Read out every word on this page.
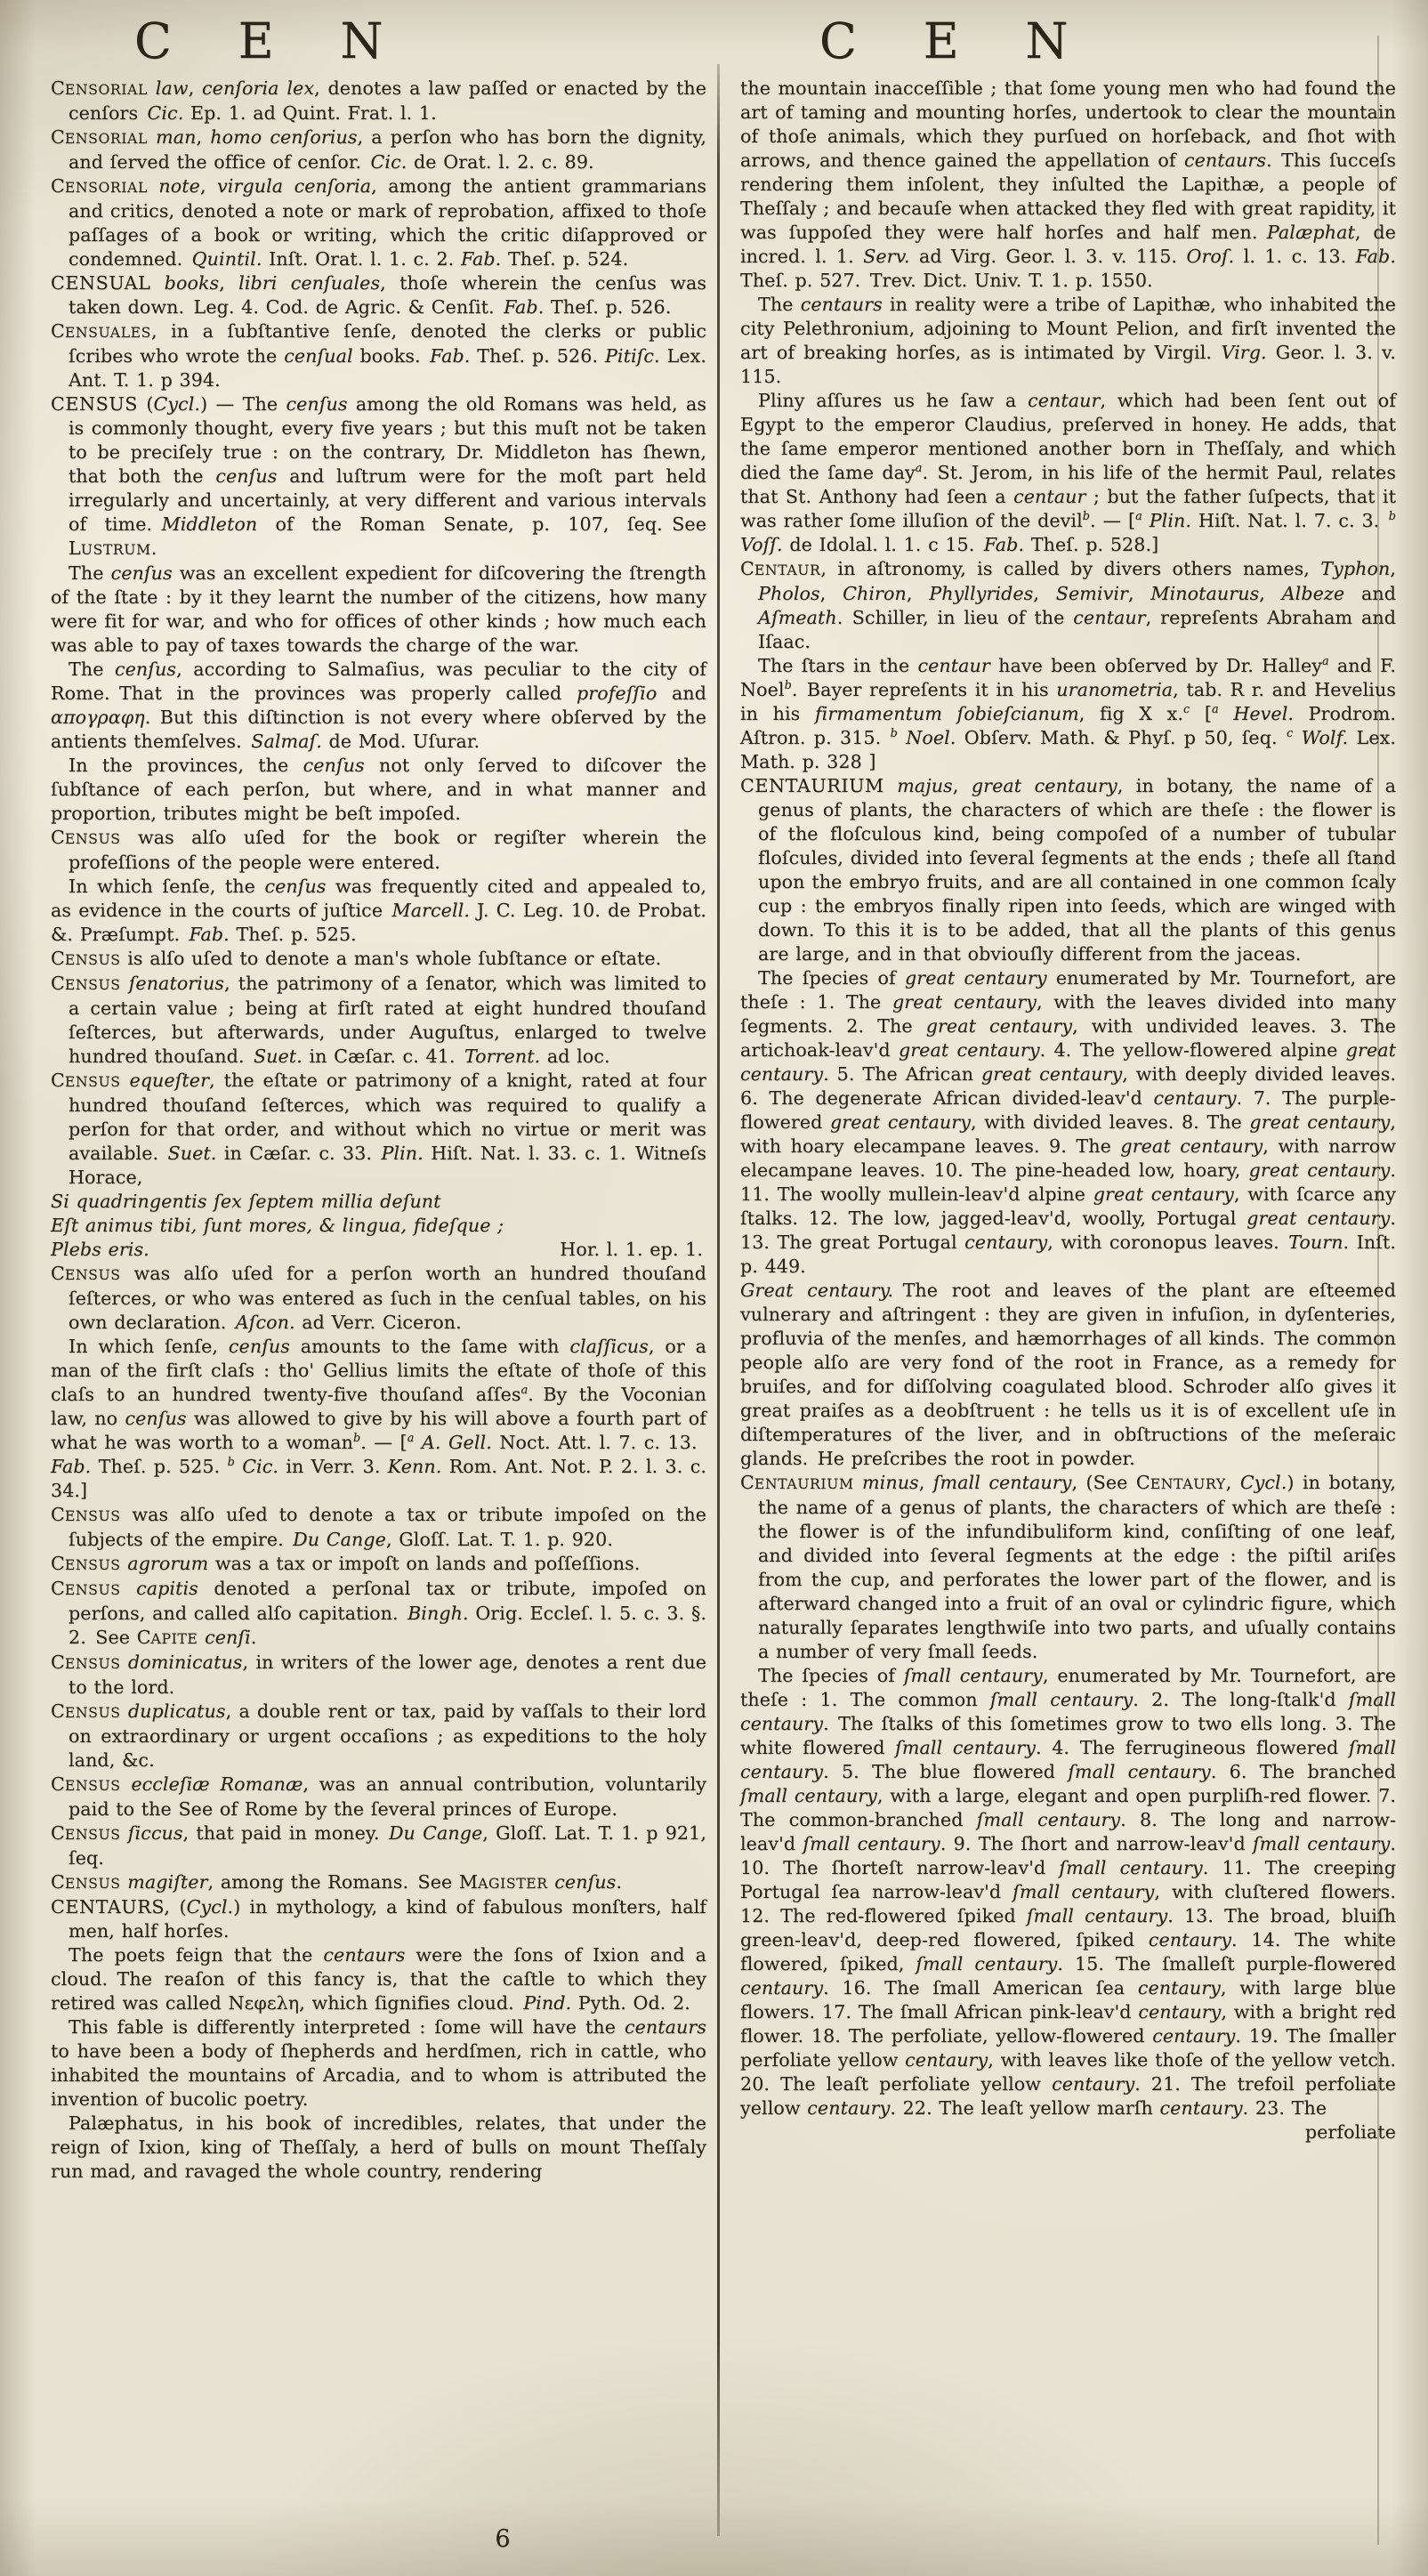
C E N	C E N

CENSORIAL law, cenſoria lex, denotes a law paſſed or enacted by the cenſors Cic. Ep. 1. ad Quint. Frat. l. 1.

CENSORIAL man, homo cenſorius, a perſon who has born the dignity, and ſerved the office of cenſor. Cic. de Orat. l. 2. c. 89.

CENSORIAL note, virgula cenſoria, among the antient grammarians and critics, denoted a note or mark of reprobation, affixed to thoſe paſſages of a book or writing, which the critic diſapproved or condemned. Quintil. Inſt. Orat. l. 1. c. 2. Fab. Theſ. p. 524.

CENSUAL books, libri cenſuales, thoſe wherein the cenſus was taken down. Leg. 4. Cod. de Agric. & Cenſit. Fab. Theſ. p. 526.

CENSUALES, in a ſubſtantive ſenſe, denoted the clerks or public ſcribes who wrote the cenſual books. Fab. Theſ. p. 526. Pitiſc. Lex. Ant. T. 1. p 394.

CENSUS (Cycl.) — The cenſus among the old Romans was held, as is commonly thought, every five years ; but this muſt not be taken to be preciſely true : on the contrary, Dr. Middleton has ſhewn, that both the cenſus and luſtrum were for the moſt part held irregularly and uncertainly, at very different and various intervals of time. Middleton of the Roman Senate, p. 107, ſeq. See LUSTRUM.

The cenſus was an excellent expedient for diſcovering the ſtrength of the ſtate : by it they learnt the number of the citizens, how many were fit for war, and who for offices of other kinds ; how much each was able to pay of taxes towards the charge of the war.

The cenſus, according to Salmaſius, was peculiar to the city of Rome. That in the provinces was properly called profeſſio and απογραφη. But this diſtinction is not every where obſerved by the antients themſelves. Salmaſ. de Mod. Uſurar.

In the provinces, the cenſus not only ſerved to diſcover the ſubſtance of each perſon, but where, and in what manner and proportion, tributes might be beſt impoſed.

CENSUS was alſo uſed for the book or regiſter wherein the profeſſions of the people were entered.

In which ſenſe, the cenſus was frequently cited and appealed to, as evidence in the courts of juſtice Marcell. J. C. Leg. 10. de Probat. &. Præſumpt. Fab. Theſ. p. 525.

CENSUS is alſo uſed to denote a man's whole ſubſtance or eſtate.

CENSUS ſenatorius, the patrimony of a ſenator, which was limited to a certain value ; being at firſt rated at eight hundred thouſand ſeſterces, but afterwards, under Auguſtus, enlarged to twelve hundred thouſand. Suet. in Cæſar. c. 41. Torrent. ad loc.

CENSUS equeſter, the eſtate or patrimony of a knight, rated at four hundred thouſand ſeſterces, which was required to qualify a perſon for that order, and without which no virtue or merit was available. Suet. in Cæſar. c. 33. Plin. Hiſt. Nat. l. 33. c. 1. Witneſs Horace,

Si quadringentis ſex ſeptem millia deſunt

Eſt animus tibi, ſunt mores, & lingua, fideſque ;

Hor. l. 1. ep. 1.
Plebs eris.

CENSUS was alſo uſed for a perſon worth an hundred thouſand ſeſterces, or who was entered as ſuch in the cenſual tables, on his own declaration. Aſcon. ad Verr. Ciceron.

In which ſenſe, cenſus amounts to the ſame with claſſicus, or a man of the firſt claſs : tho' Gellius limits the eſtate of thoſe of this claſs to an hundred twenty-five thouſand aſſes$^a$. By the Voconian law, no cenſus was allowed to give by his will above a fourth part of what he was worth to a woman$^b$. — [$^a$ A. Gell. Noct. Att. l. 7. c. 13. Fab. Theſ. p. 525. $^b$ Cic. in Verr. 3. Kenn. Rom. Ant. Not. P. 2. l. 3. c. 34.]

CENSUS was alſo uſed to denote a tax or tribute impoſed on the ſubjects of the empire. Du Cange, Gloſſ. Lat. T. 1. p. 920.

CENSUS agrorum was a tax or impoſt on lands and poſſeſſions.

CENSUS capitis denoted a perſonal tax or tribute, impoſed on perſons, and called alſo capitation. Bingh. Orig. Eccleſ. l. 5. c. 3. §. 2. See CAPITE cenſi.

CENSUS dominicatus, in writers of the lower age, denotes a rent due to the lord.

CENSUS duplicatus, a double rent or tax, paid by vaſſals to their lord on extraordinary or urgent occaſions ; as expeditions to the holy land, &c.

CENSUS eccleſiæ Romanæ, was an annual contribution, voluntarily paid to the See of Rome by the ſeveral princes of Europe.

CENSUS ſiccus, that paid in money. Du Cange, Gloſſ. Lat. T. 1. p 921, ſeq.

CENSUS magiſter, among the Romans. See MAGISTER cenſus.

CENTAURS, (Cycl.) in mythology, a kind of fabulous monſters, half men, half horſes.

The poets feign that the centaurs were the ſons of Ixion and a cloud. The reaſon of this fancy is, that the caſtle to which they retired was called Νεφελη, which ſignifies cloud. Pind. Pyth. Od. 2.

This fable is differently interpreted : ſome will have the centaurs to have been a body of ſhepherds and herdſmen, rich in cattle, who inhabited the mountains of Arcadia, and to whom is attributed the invention of bucolic poetry.

Palæphatus, in his book of incredibles, relates, that under the reign of Ixion, king of Theſſaly, a herd of bulls on mount Theſſaly run mad, and ravaged the whole country, rendering

the mountain inacceſſible ; that ſome young men who had found the art of taming and mounting horſes, undertook to clear the mountain of thoſe animals, which they purſued on horſeback, and ſhot with arrows, and thence gained the appellation of centaurs. This ſucceſs rendering them inſolent, they inſulted the Lapithæ, a people of Theſſaly ; and becauſe when attacked they fled with great rapidity, it was ſuppoſed they were half horſes and half men. Palæphat, de incred. l. 1. Serv. ad Virg. Geor. l. 3. v. 115. Oroſ. l. 1. c. 13. Fab. Theſ. p. 527. Trev. Dict. Univ. T. 1. p. 1550.

The centaurs in reality were a tribe of Lapithæ, who inhabited the city Pelethronium, adjoining to Mount Pelion, and firſt invented the art of breaking horſes, as is intimated by Virgil. Virg. Geor. l. 3. v. 115.

Pliny aſſures us he ſaw a centaur, which had been ſent out of Egypt to the emperor Claudius, preſerved in honey. He adds, that the ſame emperor mentioned another born in Theſſaly, and which died the ſame day$^a$. St. Jerom, in his life of the hermit Paul, relates that St. Anthony had ſeen a centaur ; but the father ſuſpects, that it was rather ſome illuſion of the devil$^b$. — [$^a$ Plin. Hiſt. Nat. l. 7. c. 3. $^b$ Voſſ. de Idolal. l. 1. c 15. Fab. Theſ. p. 528.]

CENTAUR, in aſtronomy, is called by divers others names, Typhon, Pholos, Chiron, Phyllyrides, Semivir, Minotaurus, Albeze and Aſmeath. Schiller, in lieu of the centaur, repreſents Abraham and Iſaac.

The ſtars in the centaur have been obſerved by Dr. Halley$^a$ and F. Noel$^b$. Bayer repreſents it in his uranometria, tab. R r. and Hevelius in his firmamentum ſobieſcianum, fig X x.$^c$ [$^a$ Hevel. Prodrom. Aſtron. p. 315. $^b$ Noel. Obſerv. Math. & Phyſ. p 50, ſeq. $^c$ Wolf. Lex. Math. p. 328 ]

CENTAURIUM majus, great centaury, in botany, the name of a genus of plants, the characters of which are theſe : the flower is of the floſculous kind, being compoſed of a number of tubular floſcules, divided into ſeveral ſegments at the ends ; theſe all ſtand upon the embryo fruits, and are all contained in one common ſcaly cup : the embryos finally ripen into ſeeds, which are winged with down. To this it is to be added, that all the plants of this genus are large, and in that obviouſly different from the jaceas.

The ſpecies of great centaury enumerated by Mr. Tournefort, are theſe : 1. The great centaury, with the leaves divided into many ſegments. 2. The great centaury, with undivided leaves. 3. The artichoak-leav'd great centaury. 4. The yellow-flowered alpine great centaury. 5. The African great centaury, with deeply divided leaves. 6. The degenerate African divided-leav'd centaury. 7. The purple-flowered great centaury, with divided leaves. 8. The great centaury, with hoary elecampane leaves. 9. The great centaury, with narrow elecampane leaves. 10. The pine-headed low, hoary, great centaury. 11. The woolly mullein-leav'd alpine great centaury, with ſcarce any ſtalks. 12. The low, jagged-leav'd, woolly, Portugal great centaury. 13. The great Portugal centaury, with coronopus leaves. Tourn. Inſt. p. 449.

Great centaury. The root and leaves of the plant are eſteemed vulnerary and aſtringent : they are given in infuſion, in dyſenteries, profluvia of the menſes, and hæmorrhages of all kinds. The common people alſo are very fond of the root in France, as a remedy for bruiſes, and for diſſolving coagulated blood. Schroder alſo gives it great praiſes as a deobſtruent : he tells us it is of excellent uſe in diſtemperatures of the liver, and in obſtructions of the meſeraic glands. He preſcribes the root in powder.

CENTAURIUM minus, ſmall centaury, (See CENTAURY, Cycl.) in botany, the name of a genus of plants, the characters of which are theſe : the flower is of the infundibuliform kind, conſiſting of one leaf, and divided into ſeveral ſegments at the edge : the piſtil ariſes from the cup, and perforates the lower part of the flower, and is afterward changed into a fruit of an oval or cylindric figure, which naturally ſeparates lengthwiſe into two parts, and uſually contains a number of very ſmall ſeeds.

The ſpecies of ſmall centaury, enumerated by Mr. Tournefort, are theſe : 1. The common ſmall centaury. 2. The long-ſtalk'd ſmall centaury. The ſtalks of this ſometimes grow to two ells long. 3. The white flowered ſmall centaury. 4. The ferrugineous flowered ſmall centaury. 5. The blue flowered ſmall centaury. 6. The branched ſmall centaury, with a large, elegant and open purpliſh-red flower. 7. The common-branched ſmall centaury. 8. The long and narrow-leav'd ſmall centaury. 9. The ſhort and narrow-leav'd ſmall centaury. 10. The ſhorteſt narrow-leav'd ſmall centaury. 11. The creeping Portugal ſea narrow-leav'd ſmall centaury, with cluſtered flowers. 12. The red-flowered ſpiked ſmall centaury. 13. The broad, bluiſh green-leav'd, deep-red flowered, ſpiked centaury. 14. The white flowered, ſpiked, ſmall centaury. 15. The ſmalleſt purple-flowered centaury. 16. The ſmall American ſea centaury, with large blue flowers. 17. The ſmall African pink-leav'd centaury, with a bright red flower. 18. The perfoliate, yellow-flowered centaury. 19. The ſmaller perfoliate yellow centaury, with leaves like thoſe of the yellow vetch. 20. The leaſt perfoliate yellow centaury. 21. The trefoil perfoliate yellow centaury. 22. The leaſt yellow marſh centaury. 23. The

perfoliate

6
